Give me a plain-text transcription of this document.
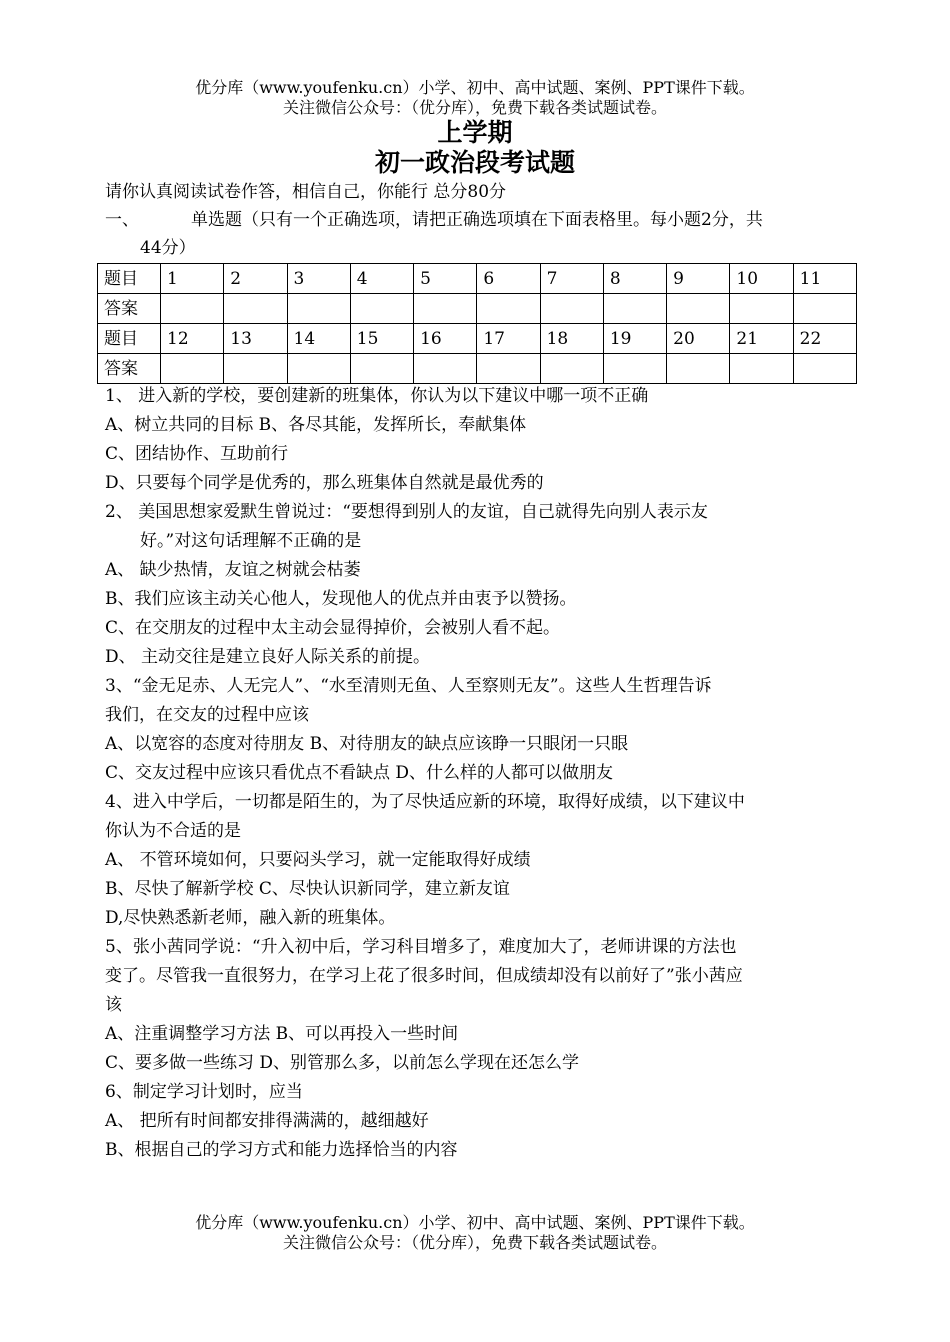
优分库（www.youfenku.cn）小学、初中、高中试题、案例、PPT课件下载。
关注微信公众号：（优分库），免费下载各类试题试卷。
上学期
初一政治段考试题
请你认真阅读试卷作答，相信自己，你能行 总分80分
一、	单选题（只有一个正确选项，请把正确选项填在下面表格里。每小题2分，共
44分）
题目	1	2	3	4	5	6	7	8	9	10	11
答案											
题目	12	13	14	15	16	17	18	19	20	21	22
答案											
1、 进入新的学校，要创建新的班集体，你认为以下建议中哪一项不正确
A、树立共同的目标 B、各尽其能，发挥所长，奉献集体
C、团结协作、互助前行
D、只要每个同学是优秀的，那么班集体自然就是最优秀的
2、 美国思想家爱默生曾说过：“要想得到别人的友谊，自己就得先向别人表示友
好。”对这句话理解不正确的是
A、 缺少热情，友谊之树就会枯萎
B、我们应该主动关心他人，发现他人的优点并由衷予以赞扬。
C、在交朋友的过程中太主动会显得掉价，会被别人看不起。
D、 主动交往是建立良好人际关系的前提。
3、“金无足赤、人无完人”、“水至清则无鱼、人至察则无友”。这些人生哲理告诉
我们，在交友的过程中应该
A、以宽容的态度对待朋友 B、对待朋友的缺点应该睁一只眼闭一只眼
C、交友过程中应该只看优点不看缺点 D、什么样的人都可以做朋友
4、进入中学后，一切都是陌生的，为了尽快适应新的环境，取得好成绩，以下建议中
你认为不合适的是
A、 不管环境如何，只要闷头学习，就一定能取得好成绩
B、尽快了解新学校 C、尽快认识新同学，建立新友谊
D,尽快熟悉新老师，融入新的班集体。
5、张小茜同学说：“升入初中后，学习科目增多了，难度加大了，老师讲课的方法也
变了。尽管我一直很努力，在学习上花了很多时间，但成绩却没有以前好了”张小茜应
该
A、注重调整学习方法 B、可以再投入一些时间
C、要多做一些练习 D、别管那么多，以前怎么学现在还怎么学
6、制定学习计划时，应当
A、 把所有时间都安排得满满的，越细越好
B、根据自己的学习方式和能力选择恰当的内容
优分库（www.youfenku.cn）小学、初中、高中试题、案例、PPT课件下载。
关注微信公众号：（优分库），免费下载各类试题试卷。
